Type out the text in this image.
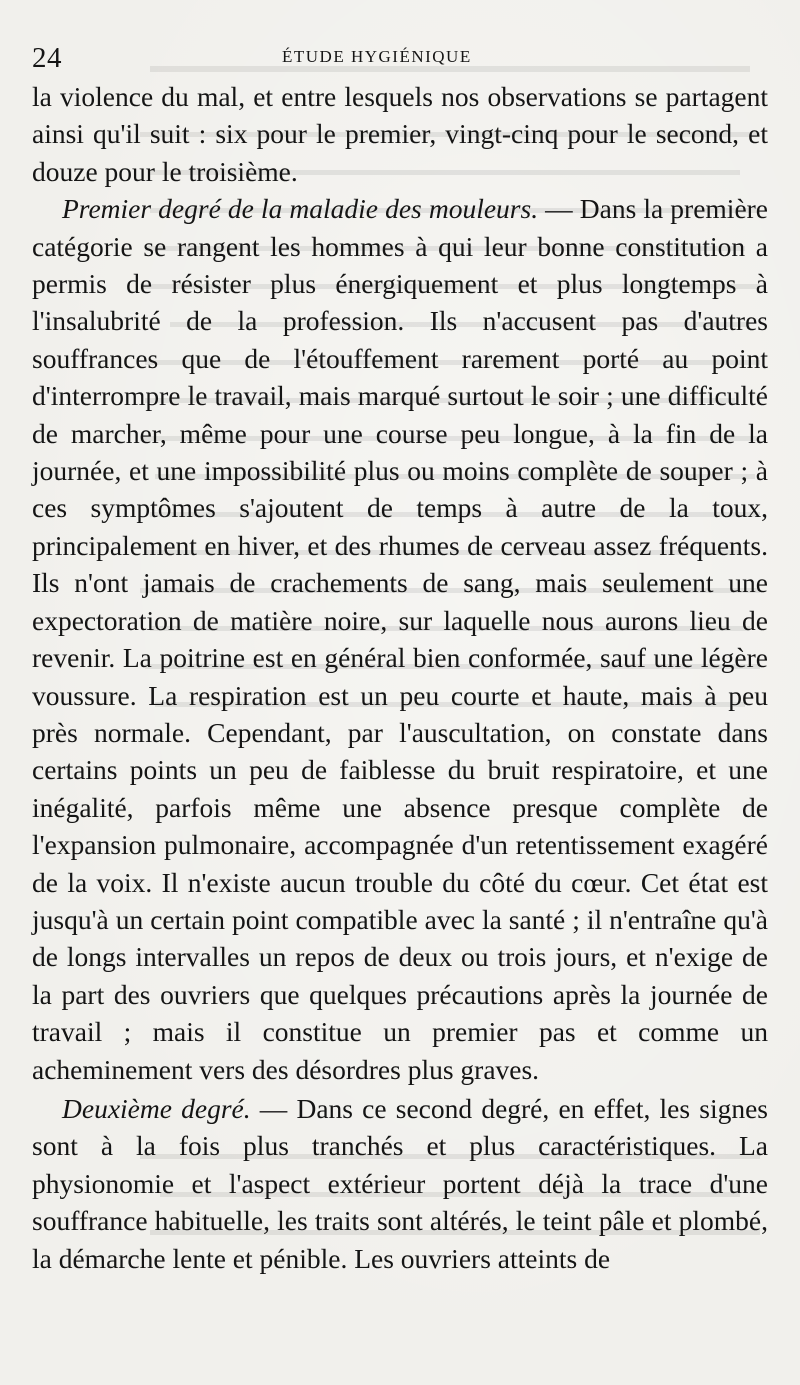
24	ÉTUDE HYGIÉNIQUE

la violence du mal, et entre lesquels nos observations se partagent ainsi qu'il suit : six pour le premier, vingt-cinq pour le second, et douze pour le troisième.

Premier degré de la maladie des mouleurs. — Dans la première catégorie se rangent les hommes à qui leur bonne constitution a permis de résister plus énergiquement et plus longtemps à l'insalubrité de la profession. Ils n'accusent pas d'autres souffrances que de l'étouffement rarement porté au point d'interrompre le travail, mais marqué surtout le soir ; une difficulté de marcher, même pour une course peu longue, à la fin de la journée, et une impossibilité plus ou moins complète de souper ; à ces symptômes s'ajoutent de temps à autre de la toux, principalement en hiver, et des rhumes de cerveau assez fréquents. Ils n'ont jamais de crachements de sang, mais seulement une expectoration de matière noire, sur laquelle nous aurons lieu de revenir. La poitrine est en général bien conformée, sauf une légère voussure. La respiration est un peu courte et haute, mais à peu près normale. Cependant, par l'auscultation, on constate dans certains points un peu de faiblesse du bruit respiratoire, et une inégalité, parfois même une absence presque complète de l'expansion pulmonaire, accompagnée d'un retentissement exagéré de la voix. Il n'existe aucun trouble du côté du cœur. Cet état est jusqu'à un certain point compatible avec la santé ; il n'entraîne qu'à de longs intervalles un repos de deux ou trois jours, et n'exige de la part des ouvriers que quelques précautions après la journée de travail ; mais il constitue un premier pas et comme un acheminement vers des désordres plus graves.

Deuxième degré. — Dans ce second degré, en effet, les signes sont à la fois plus tranchés et plus caractéristiques. La physionomie et l'aspect extérieur portent déjà la trace d'une souffrance habituelle, les traits sont altérés, le teint pâle et plombé, la démarche lente et pénible. Les ouvriers atteints de
